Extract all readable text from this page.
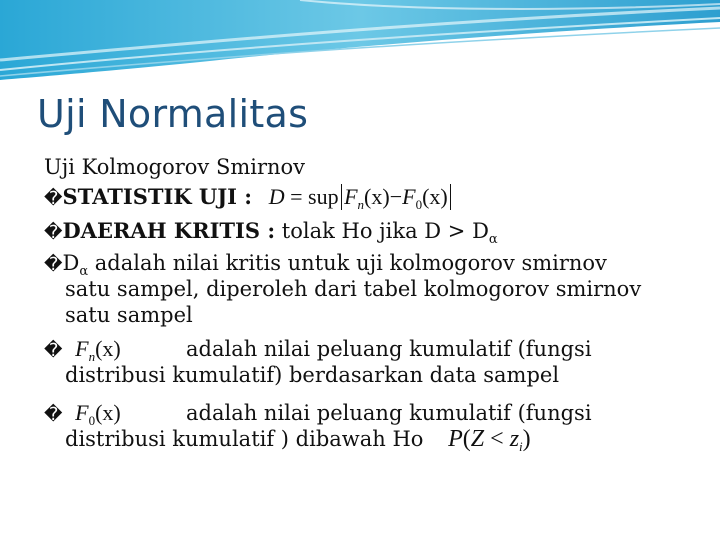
Uji Normalitas
Uji Kolmogorov Smirnov
�STATISTIK UJI : D = sup $F_n(x)-F_0(x)$
�DAERAH KRITIS : tolak Ho jika $D > D_\alpha$
$�D_\alpha$ adalah nilai kritis untuk uji kolmogorov smirnov
satu sampel, diperoleh dari tabel kolmogorov smirnov
satu sampel
� $F_n(x)$	adalah nilai peluang kumulatif (fungsi
distribusi kumulatif) berdasarkan data sampel
� $F_0(x)$	adalah nilai peluang kumulatif (fungsi
distribusi kumulatif ) dibawah Ho $P(Z < z_i)$
